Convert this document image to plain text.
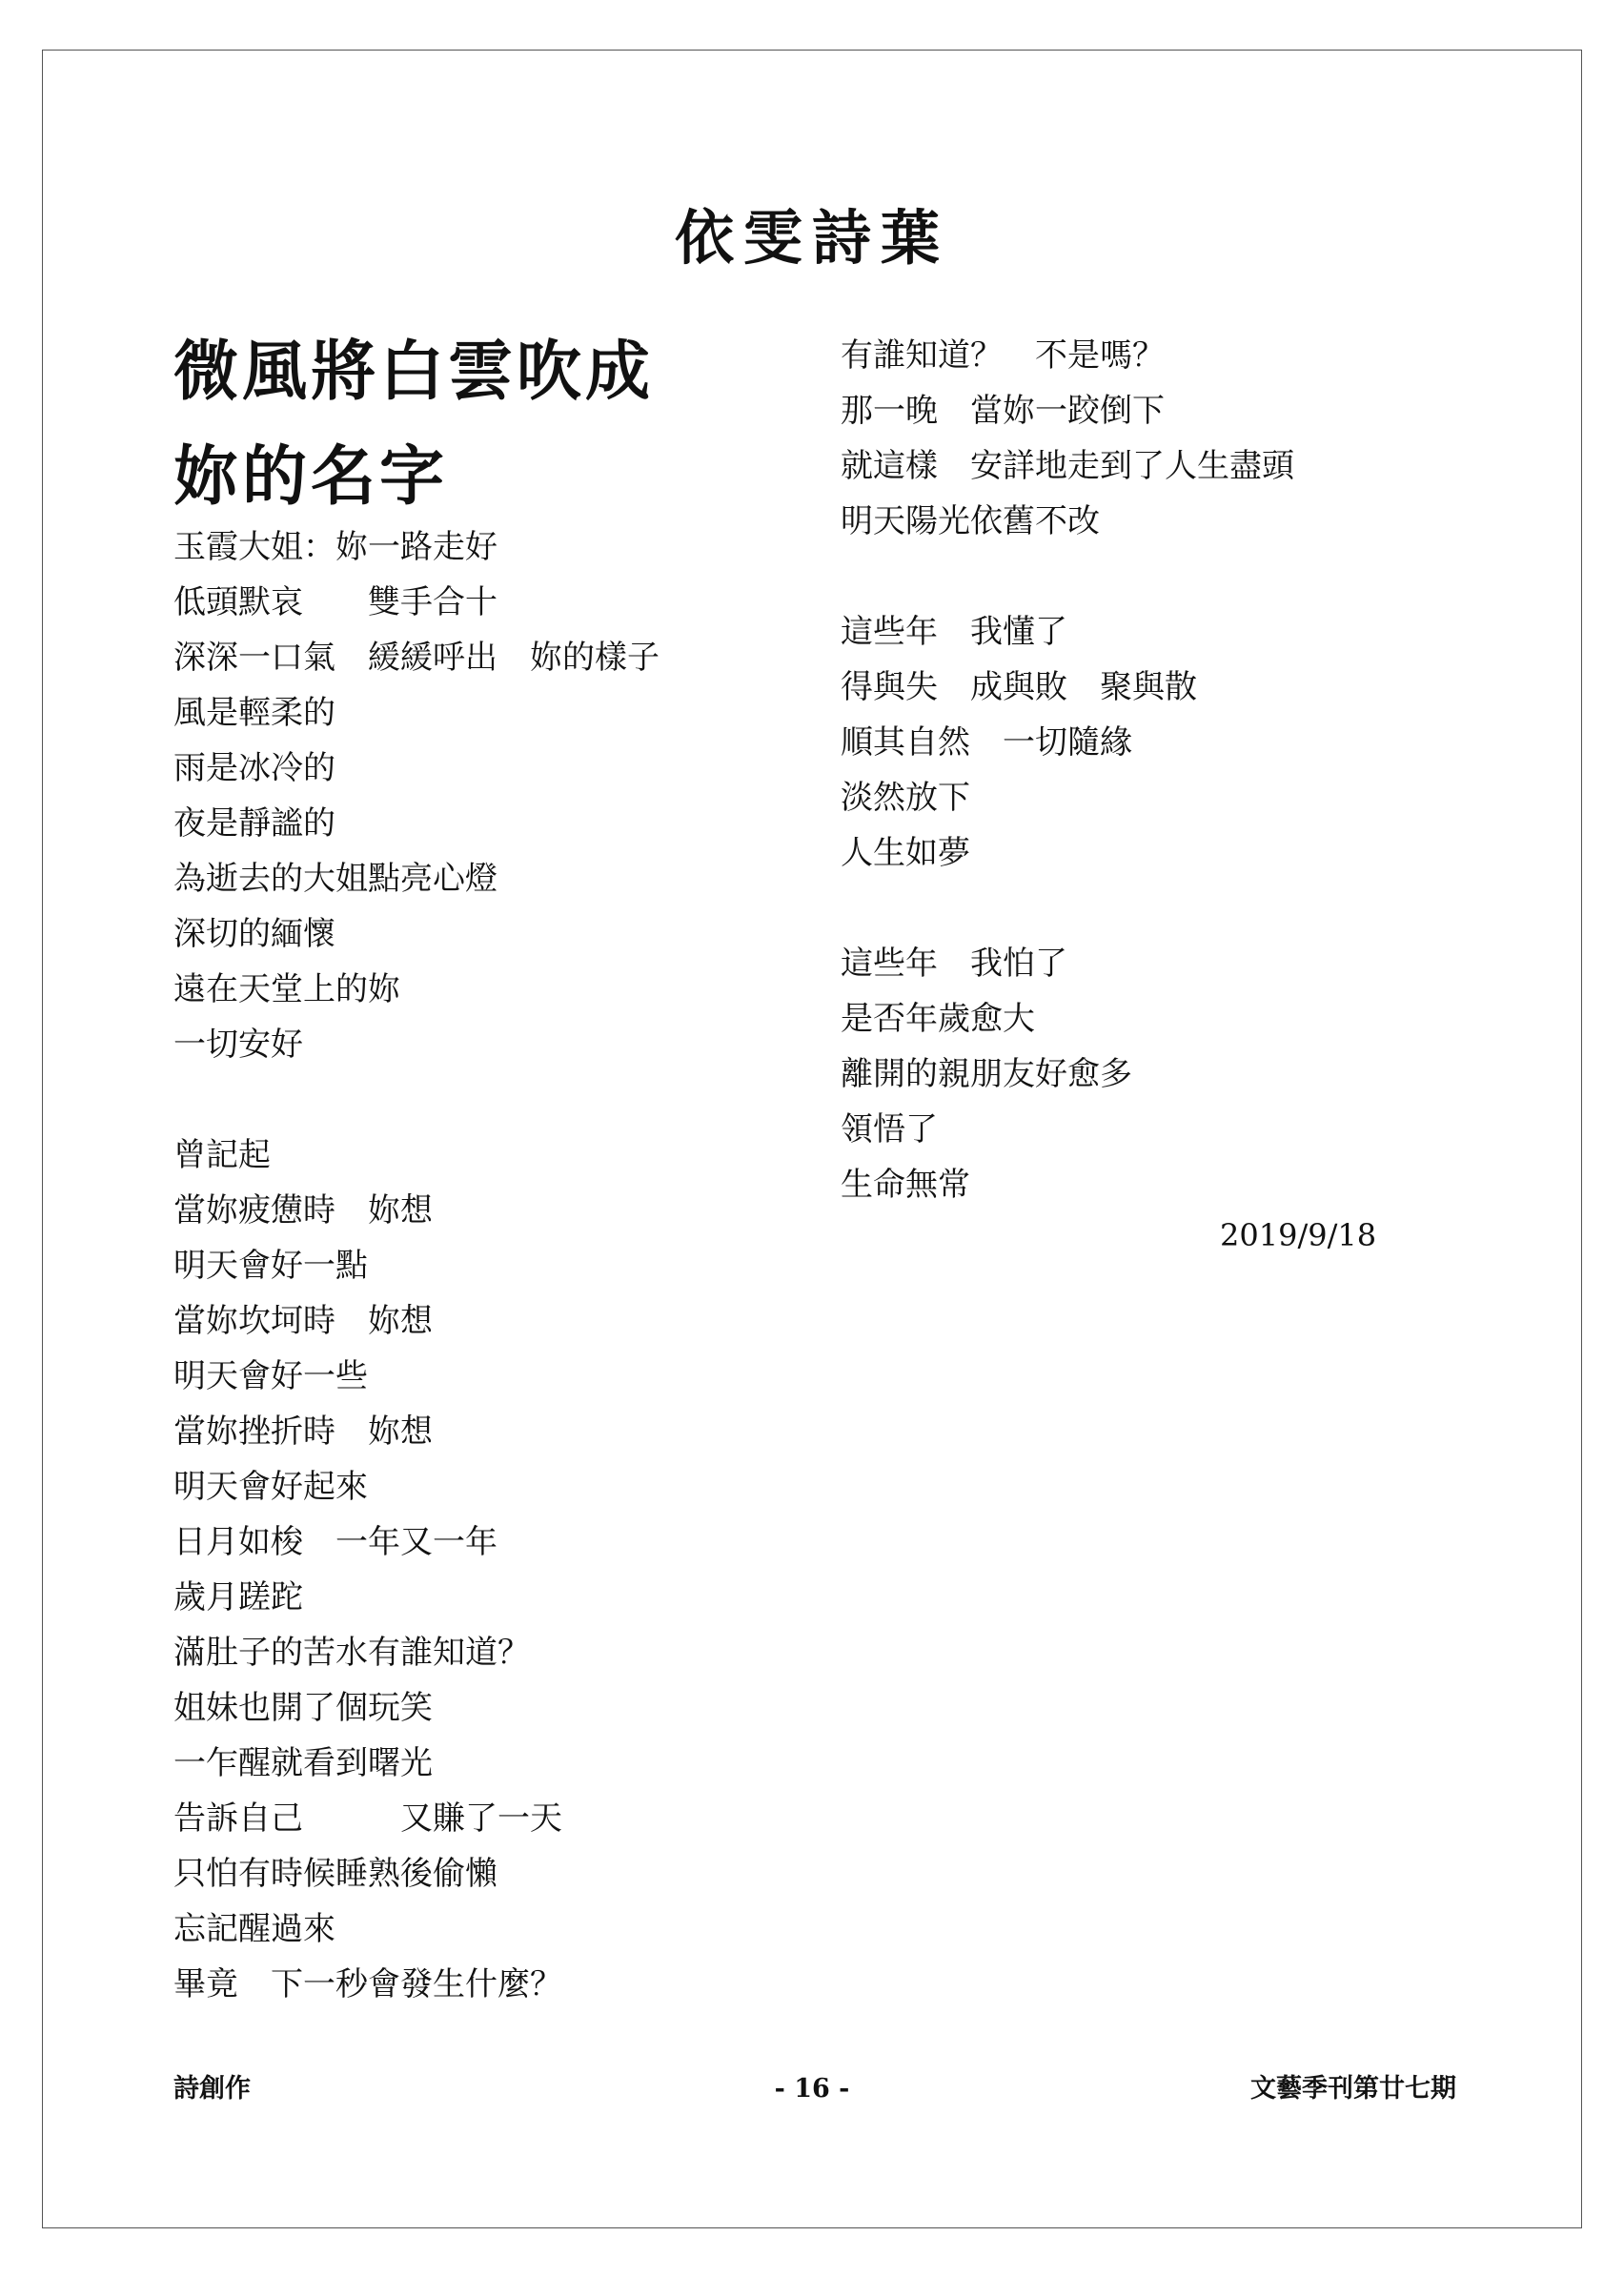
依雯詩葉
微風將白雲吹成
妳的名字
玉霞大姐：妳一路走好
低頭默哀　　雙手合十
深深一口氣　緩緩呼出　妳的樣子
風是輕柔的
雨是冰冷的
夜是靜謐的
為逝去的大姐點亮心燈
深切的緬懷
遠在天堂上的妳
一切安好
曾記起
當妳疲憊時　妳想
明天會好一點
當妳坎坷時　妳想
明天會好一些
當妳挫折時　妳想
明天會好起來
日月如梭　一年又一年
歲月蹉跎
滿肚子的苦水有誰知道？
姐妹也開了個玩笑
一乍醒就看到曙光
告訴自己　　　又賺了一天
只怕有時候睡熟後偷懶
忘記醒過來
畢竟　下一秒會發生什麼？
有誰知道？　不是嗎？
那一晚　當妳一跤倒下
就這樣　安詳地走到了人生盡頭
明天陽光依舊不改
這些年　我懂了
得與失　成與敗　聚與散
順其自然　一切隨緣
淡然放下
人生如夢
這些年　我怕了
是否年歲愈大
離開的親朋友好愈多
領悟了
生命無常
2019/9/18
詩創作	- 16 -	文藝季刊第廿七期
